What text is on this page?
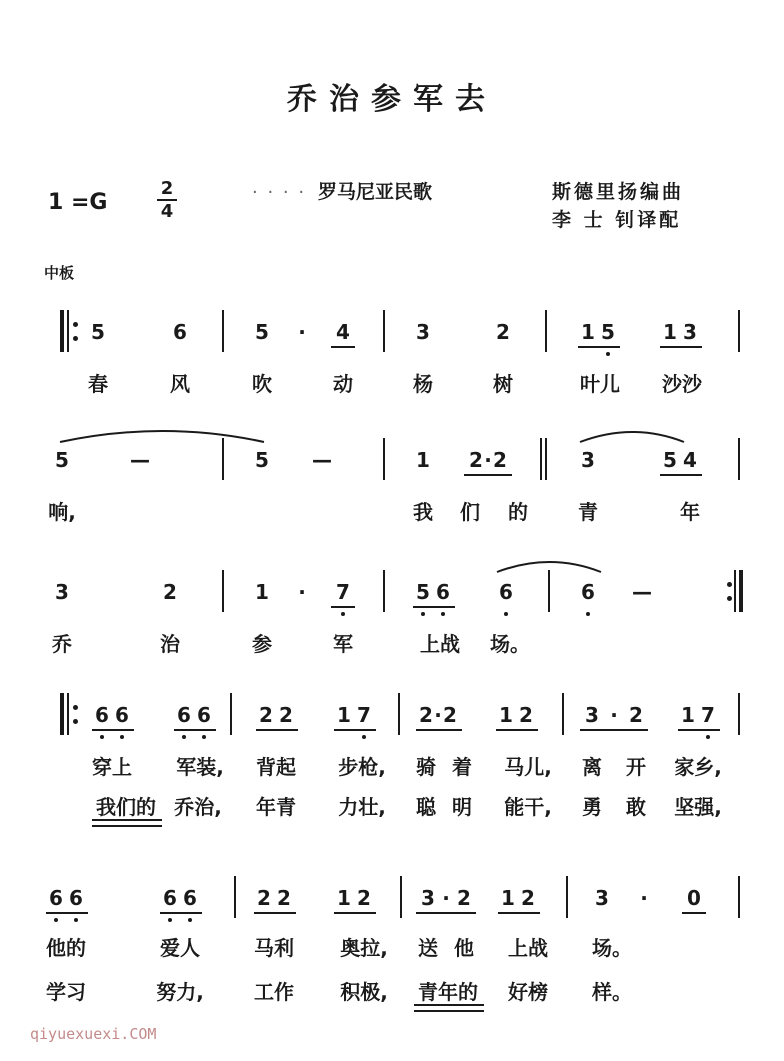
乔治参军去
1 =G
2
4
· · · · 罗马尼亚民歌	斯德里扬编曲
李 士 钊译配
中板
5	6	5 · 4	3	2	1 5 1 3
春	风	吹	动	杨	树	叶儿 沙沙
5	—	5 —	1 2 · 2	3	5 4
响,	我 们 的	青	年
3	2	1 · 7	5 6 6	6 —
乔	治	参	军	上战 场。
6 6 6 6 2 2 1 7 2 · 2 1 2	3 · 2 1 7
穿上 军装, 背起 步枪, 骑 着 马儿, 离 开 家乡,
我们的 乔治, 年青 力壮, 聪 明 能干, 勇 敢 坚强,
6 6	6 6	2 2 1 2	3 · 2 1 2	3 · 0
他的	爱人	马利 奥拉, 送 他 上战 场。
学习	努力,	工作 积极, 青年的 好榜 样。
qiyuexuexi.COM
